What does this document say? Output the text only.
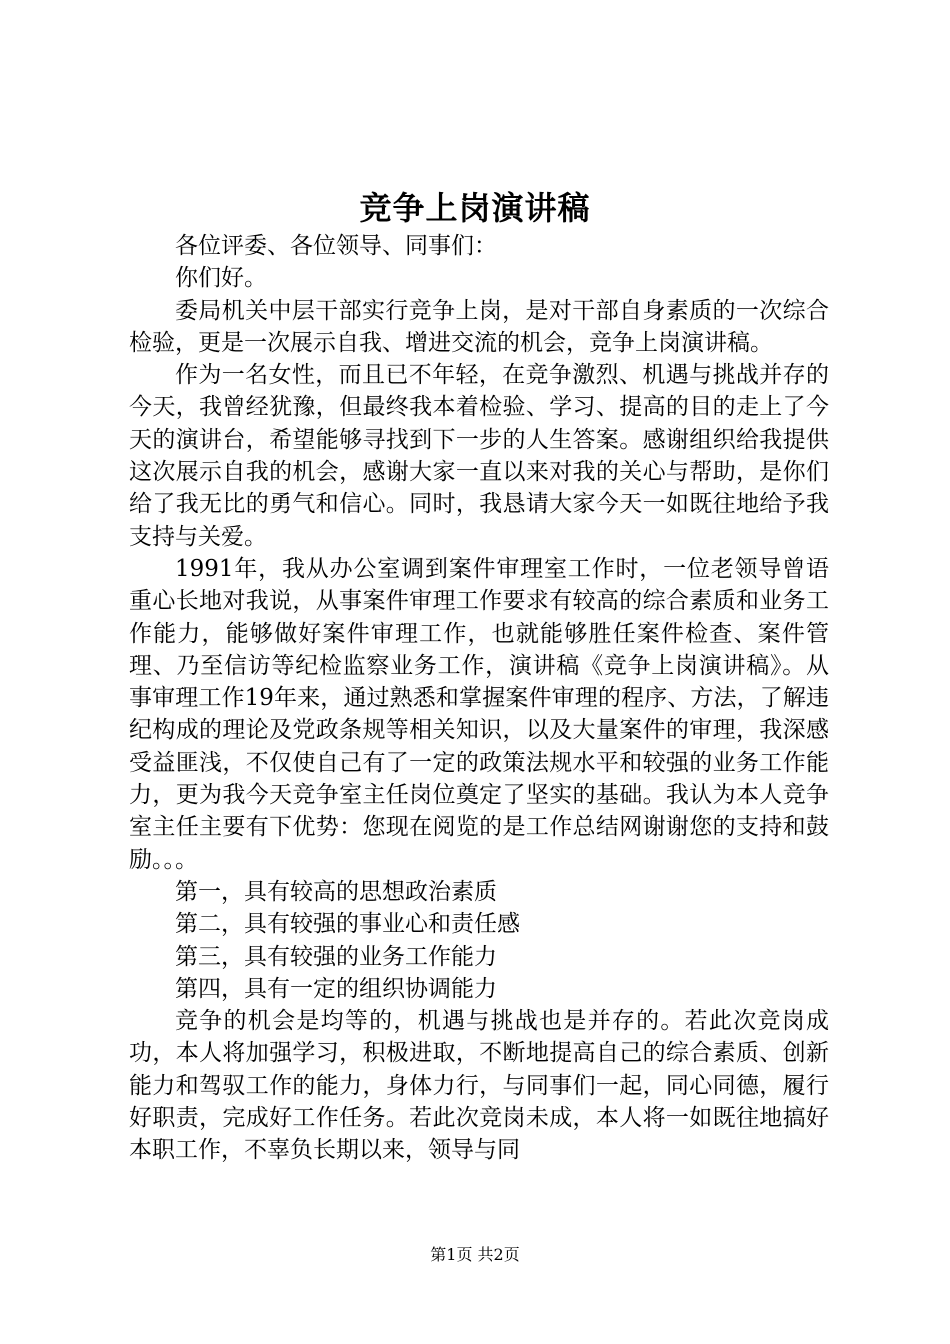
竞争上岗演讲稿

各位评委、各位领导、同事们：

你们好。

委局机关中层干部实行竞争上岗，是对干部自身素质的一次综合检验，更是一次展示自我、增进交流的机会，竞争上岗演讲稿。

作为一名女性，而且已不年轻，在竞争激烈、机遇与挑战并存的今天，我曾经犹豫，但最终我本着检验、学习、提高的目的走上了今天的演讲台，希望能够寻找到下一步的人生答案。感谢组织给我提供这次展示自我的机会，感谢大家一直以来对我的关心与帮助，是你们给了我无比的勇气和信心。同时，我恳请大家今天一如既往地给予我支持与关爱。

1991年，我从办公室调到案件审理室工作时，一位老领导曾语重心长地对我说，从事案件审理工作要求有较高的综合素质和业务工作能力，能够做好案件审理工作，也就能够胜任案件检查、案件管理、乃至信访等纪检监察业务工作，演讲稿《竞争上岗演讲稿》。从事审理工作19年来，通过熟悉和掌握案件审理的程序、方法，了解违纪构成的理论及党政条规等相关知识，以及大量案件的审理，我深感受益匪浅，不仅使自己有了一定的政策法规水平和较强的业务工作能力，更为我今天竞争室主任岗位奠定了坚实的基础。我认为本人竞争室主任主要有下优势：您现在阅览的是工作总结网谢谢您的支持和鼓励。。。

第一，具有较高的思想政治素质

第二，具有较强的事业心和责任感

第三，具有较强的业务工作能力

第四，具有一定的组织协调能力

竞争的机会是均等的，机遇与挑战也是并存的。若此次竞岗成功，本人将加强学习，积极进取，不断地提高自己的综合素质、创新能力和驾驭工作的能力，身体力行，与同事们一起，同心同德，履行好职责，完成好工作任务。若此次竞岗未成，本人将一如既往地搞好本职工作，不辜负长期以来，领导与同

第1页 共2页
